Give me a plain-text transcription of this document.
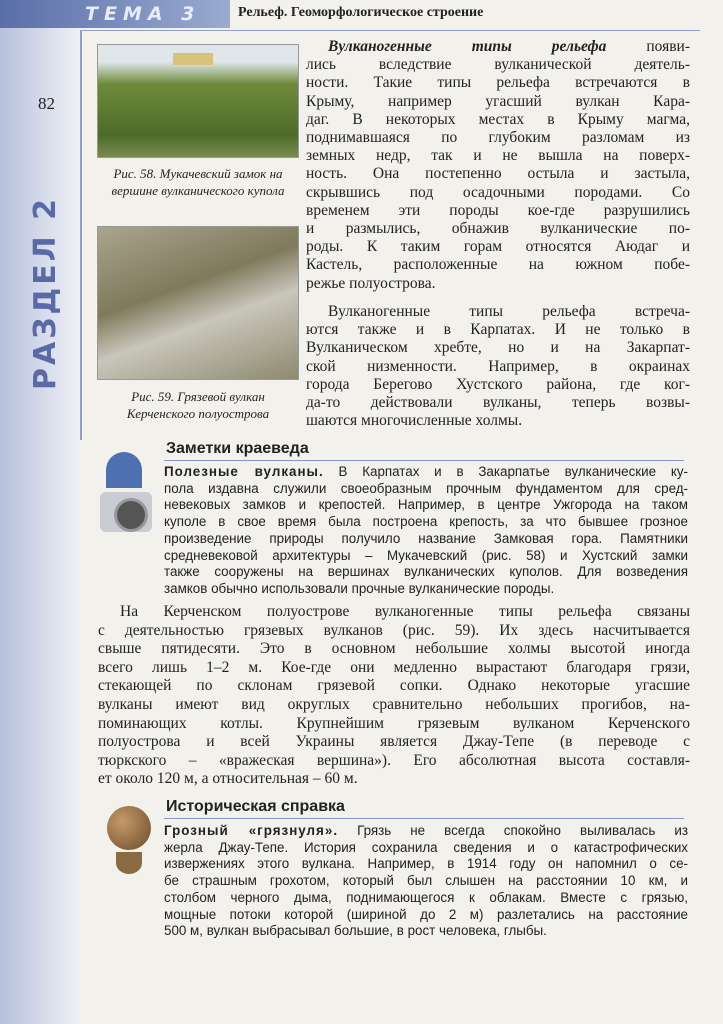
ТЕМА 3	Рельеф. Геоморфологическое строение
82
РАЗДЕЛ 2
Рис. 58. Мукачевский замок на вершине вулканического купола
Рис. 59. Грязевой вулкан Керченского полуострова
Вулканогенные типы рельефа появи-
лись вследствие вулканической деятель-
ности. Такие типы рельефа встречаются в
Крыму, например угасший вулкан Кара-
даг. В некоторых местах в Крыму магма,
поднимавшаяся по глубоким разломам из
земных недр, так и не вышла на поверх-
ность. Она постепенно остыла и застыла,
скрывшись под осадочными породами. Со
временем эти породы кое-где разрушились
и размылись, обнажив вулканические по-
роды. К таким горам относятся Аюдаг и
Кастель, расположенные на южном побе-
режье полуострова.
Вулканогенные типы рельефа встреча-
ются также и в Карпатах. И не только в
Вулканическом хребте, но и на Закарпат-
ской низменности. Например, в окраинах
города Берегово Хустского района, где ког-
да-то действовали вулканы, теперь возвы-
шаются многочисленные холмы.
Заметки краеведа
Полезные вулканы. В Карпатах и в Закарпатье вулканические ку-
пола издавна служили своеобразным прочным фундаментом для сред-
невековых замков и крепостей. Например, в центре Ужгорода на таком
куполе в свое время была построена крепость, за что бывшее грозное
произведение природы получило название Замковая гора. Памятники
средневековой архитектуры – Мукачевский (рис. 58) и Хустский замки
также сооружены на вершинах вулканических куполов. Для возведения
замков обычно использовали прочные вулканические породы.
На Керченском полуострове вулканогенные типы рельефа связаны
с деятельностью грязевых вулканов (рис. 59). Их здесь насчитывается
свыше пятидесяти. Это в основном небольшие холмы высотой иногда
всего лишь 1–2 м. Кое-где они медленно вырастают благодаря грязи,
стекающей по склонам грязевой сопки. Однако некоторые угасшие
вулканы имеют вид округлых сравнительно небольших прогибов, на-
поминающих котлы. Крупнейшим грязевым вулканом Керченского
полуострова и всей Украины является Джау-Тепе (в переводе с
тюркского – «вражеская вершина»). Его абсолютная высота составля-
ет около 120 м, а относительная – 60 м.
Историческая справка
Грозный «грязнуля». Грязь не всегда спокойно выливалась из
жерла Джау-Тепе. История сохранила сведения и о катастрофических
извержениях этого вулкана. Например, в 1914 году он напомнил о се-
бе страшным грохотом, который был слышен на расстоянии 10 км, и
столбом черного дыма, поднимающегося к облакам. Вместе с грязью,
мощные потоки которой (шириной до 2 м) разлетались на расстояние
500 м, вулкан выбрасывал большие, в рост человека, глыбы.
